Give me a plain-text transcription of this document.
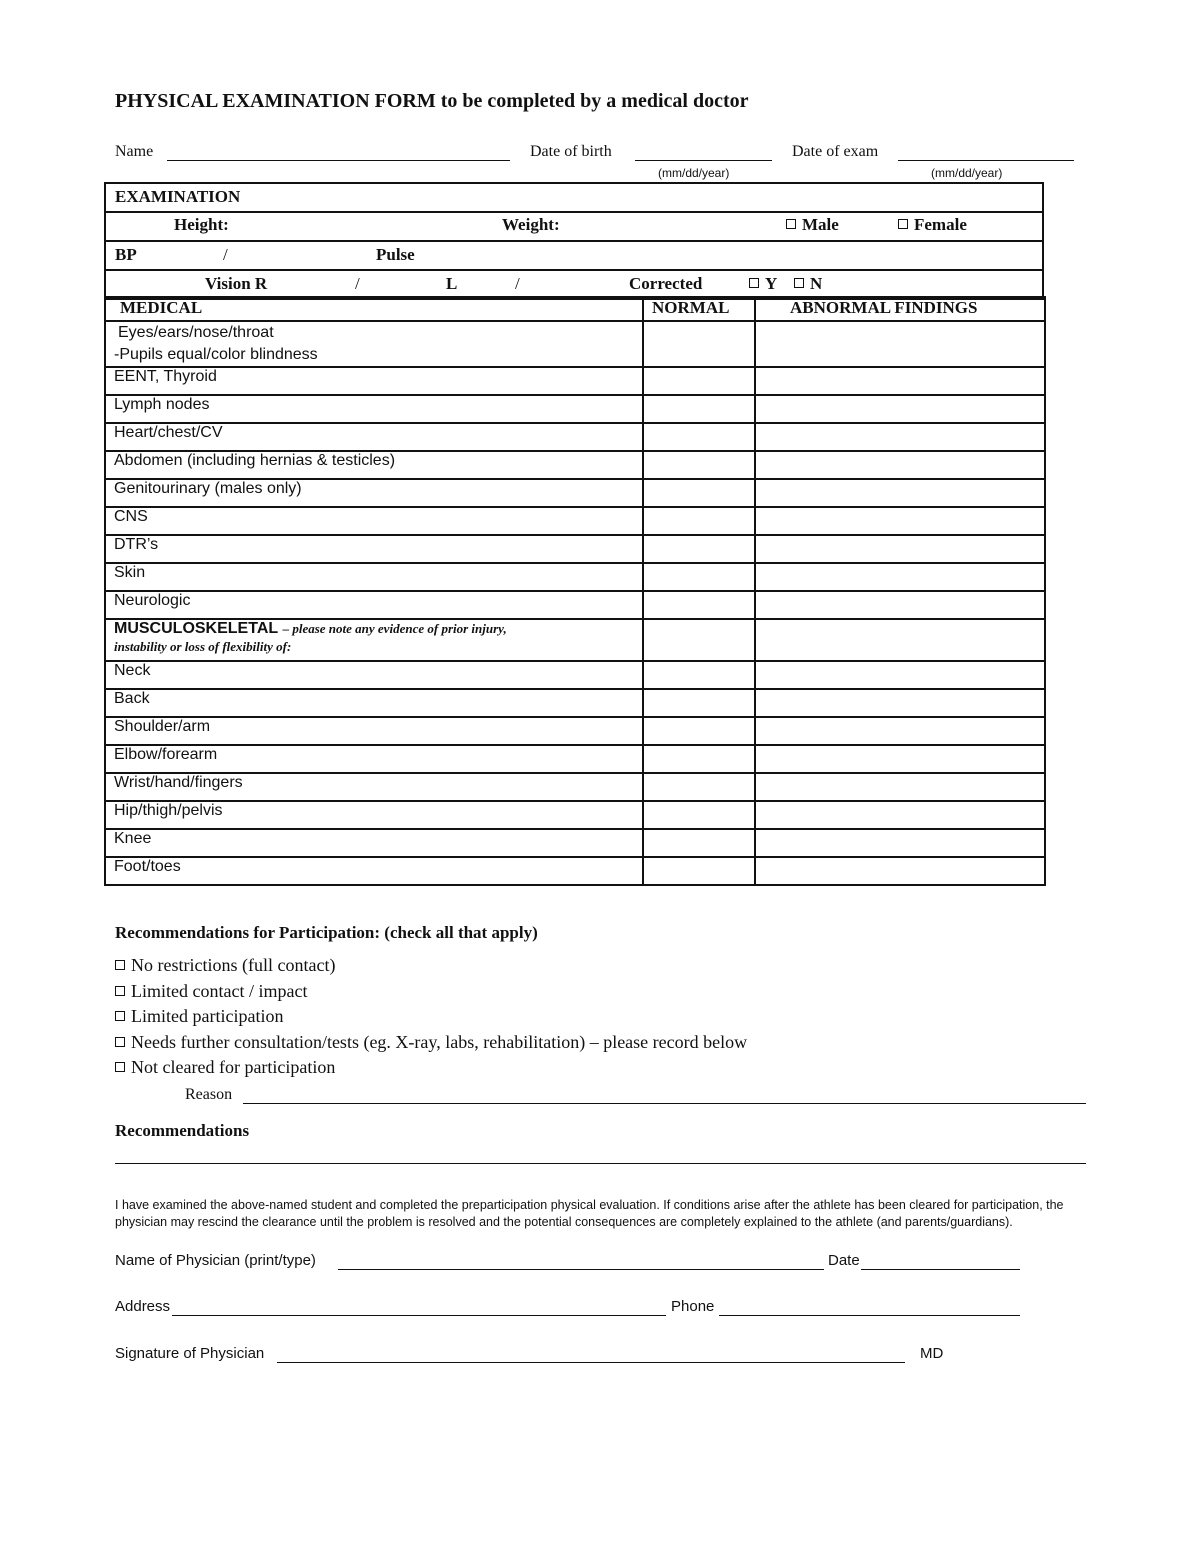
PHYSICAL EXAMINATION FORM to be completed by a medical doctor
Name	Date of birth	Date of exam
(mm/dd/year)	(mm/dd/year)
EXAMINATION
Height:	Weight:	Male	Female
BP	/	Pulse
Vision R	/	L	/	Corrected	Y	N
MEDICAL	NORMAL	ABNORMAL FINDINGS

Eyes/ears/nose/throat
-Pupils equal/color blindness		

EENT, Thyroid		
Lymph nodes		
Heart/chest/CV		
Abdomen (including hernias & testicles)		
Genitourinary (males only)		
CNS		
DTR’s		
Skin		
Neurologic		
MUSCULOSKELETAL – please note any evidence of prior injury,
instability or loss of flexibility of:		
Neck		
Back		
Shoulder/arm		
Elbow/forearm		
Wrist/hand/fingers		
Hip/thigh/pelvis		
Knee		
Foot/toes		
Recommendations for Participation: (check all that apply)
No restrictions (full contact)
Limited contact / impact
Limited participation
Needs further consultation/tests (eg. X-ray, labs, rehabilitation) – please record below
Not cleared for participation
Reason
Recommendations
I have examined the above-named student and completed the preparticipation physical evaluation. If conditions arise after the athlete has been cleared for participation, the physician may rescind the clearance until the problem is resolved and the potential consequences are completely explained to the athlete (and parents/guardians).
Name of Physician (print/type)	Date
Address	Phone
Signature of Physician	MD
